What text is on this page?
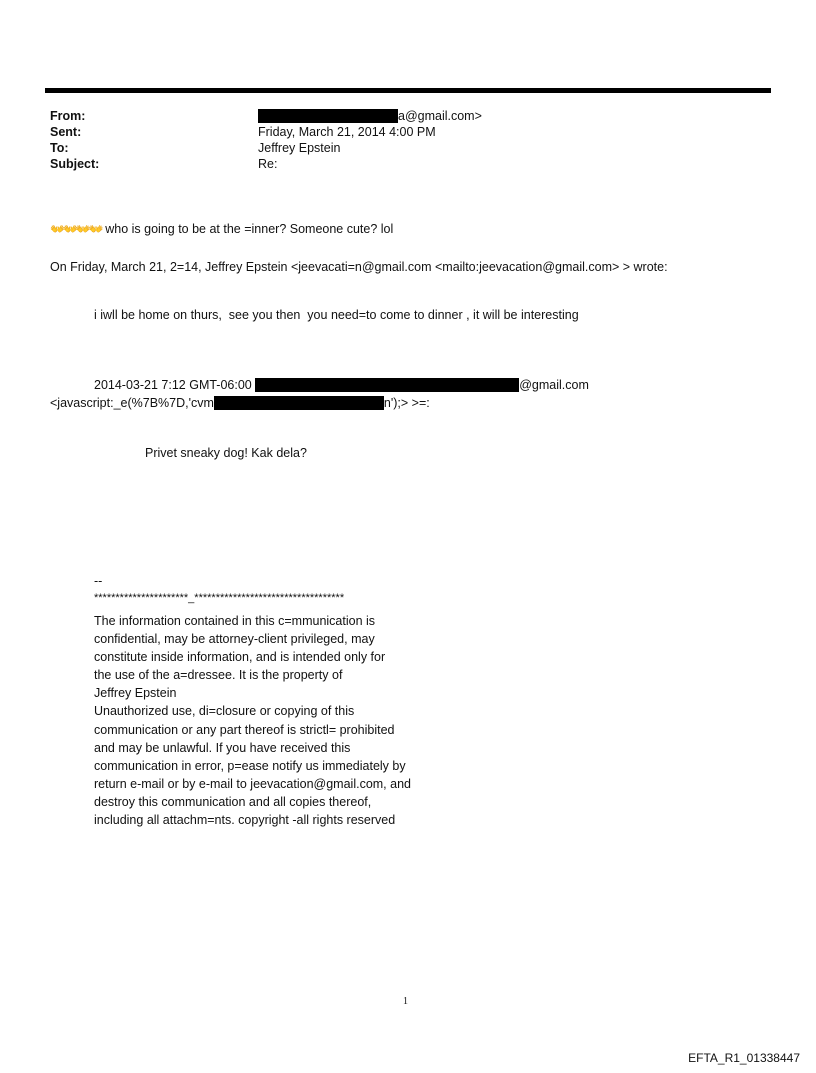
From:	a@gmail.com>
Sent:	Friday, March 21, 2014 4:00 PM
To:	Jeffrey Epstein
Subject:	Re:
👐👐👐👐 who is going to be at the =inner? Someone cute? lol
On Friday, March 21, 2=14, Jeffrey Epstein <jeevacati=n@gmail.com <mailto:jeevacation@gmail.com> > wrote:
i iwll be home on thurs,  see you then  you need=to come to dinner , it will be interesting
2014-03-21 7:12 GMT-06:00	@gmail.com
<javascript:_e(%7B%7D,'cvm	n');> >=:
Privet sneaky dog! Kak dela?
--
**********************_***********************************
The information contained in this c=mmunication is
confidential, may be attorney-client privileged, may
constitute inside information, and is intended only for
the use of the a=dressee. It is the property of
Jeffrey Epstein
Unauthorized use, di=closure or copying of this
communication or any part thereof is strictl= prohibited
and may be unlawful. If you have received this
communication in error, p=ease notify us immediately by
return e-mail or by e-mail to jeevacation@gmail.com, and
destroy this communication and all copies thereof,
including all attachm=nts. copyright -all rights reserved
1
EFTA_R1_01338447
